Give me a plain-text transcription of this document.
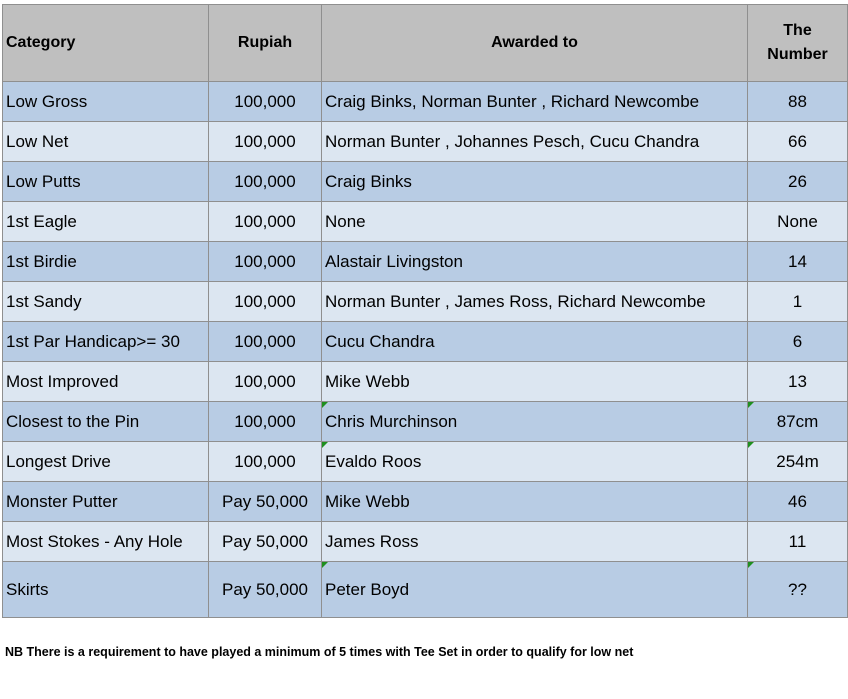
Category	Rupiah	Awarded to	The
Number
Low Gross	100,000	Craig Binks, Norman Bunter , Richard Newcombe	88
Low Net	100,000	Norman Bunter , Johannes Pesch, Cucu Chandra	66
Low Putts	100,000	Craig Binks	26
1st Eagle	100,000	None	None
1st Birdie	100,000	Alastair Livingston	14
1st Sandy	100,000	Norman Bunter , James Ross, Richard Newcombe	1
1st Par Handicap>= 30	100,000	Cucu Chandra	6
Most Improved	100,000	Mike Webb	13
Closest to the Pin	100,000	Chris Murchinson	87cm
Longest Drive	100,000	Evaldo Roos	254m
Monster Putter	Pay 50,000	Mike Webb	46
Most Stokes - Any Hole	Pay 50,000	James Ross	11
Skirts	Pay 50,000	Peter Boyd	??
NB There is a requirement to have played a minimum of 5 times with Tee Set in order to qualify for low net
